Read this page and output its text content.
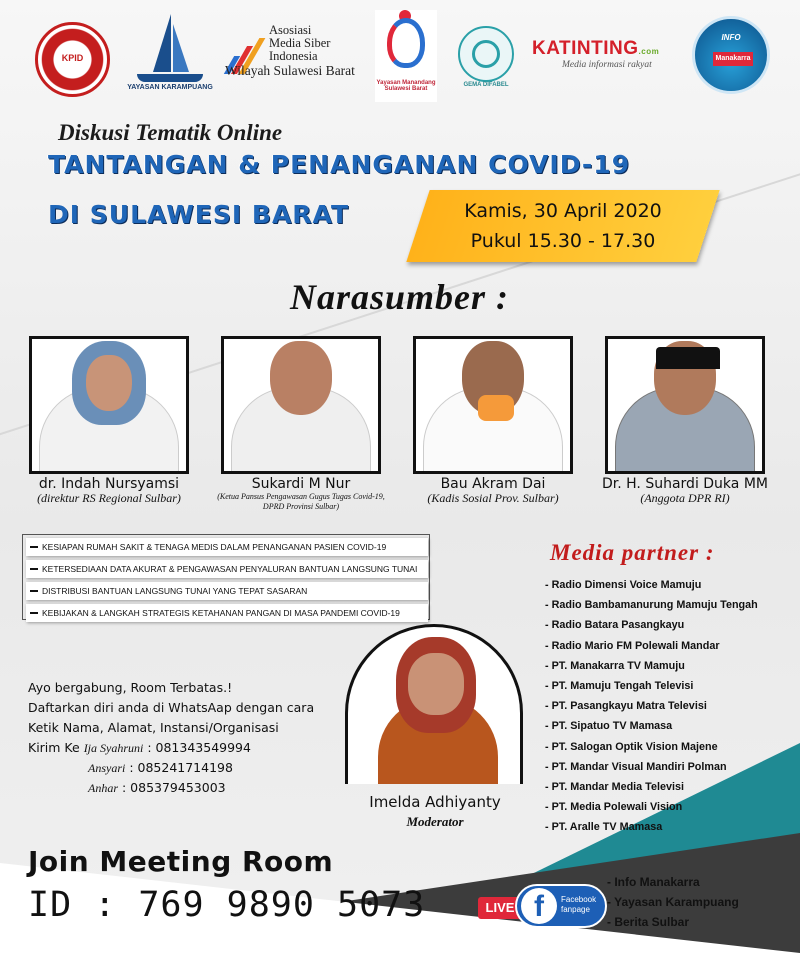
KPID
YAYASAN KARAMPUANG
Asosiasi
Media Siber
Indonesia
Wilayah Sulawesi Barat
Yayasan Manandang Sulawesi Barat
GEMA DIFABEL
KATINTING.com
Media informasi rakyat
INFO
Manakarra
Diskusi Tematik Online
TANTANGAN & PENANGANAN COVID-19
DI SULAWESI BARAT	Kamis, 30 April 2020
Pukul 15.30 - 17.30
Narasumber :
dr. Indah Nursyamsi
(direktur RS Regional Sulbar)
Sukardi M Nur
(Ketua Pansus Pengawasan Gugus Tugas Covid-19, DPRD Provinsi Sulbar)
Bau Akram Dai
(Kadis Sosial Prov. Sulbar)
Dr. H. Suhardi Duka MM
(Anggota DPR RI)
KESIAPAN RUMAH SAKIT & TENAGA MEDIS DALAM PENANGANAN PASIEN COVID-19
KETERSEDIAAN DATA AKURAT & PENGAWASAN PENYALURAN BANTUAN LANGSUNG TUNAI
DISTRIBUSI BANTUAN LANGSUNG TUNAI YANG TEPAT SASARAN
KEBIJAKAN & LANGKAH STRATEGIS KETAHANAN PANGAN DI MASA PANDEMI COVID-19
Media partner :
- Radio Dimensi Voice Mamuju
- Radio Bambamanurung Mamuju Tengah
- Radio Batara Pasangkayu
- Radio Mario FM Polewali Mandar
- PT. Manakarra TV Mamuju
- PT. Mamuju Tengah Televisi
- PT. Pasangkayu Matra Televisi
- PT. Sipatuo TV Mamasa
- PT. Salogan Optik Vision Majene
- PT. Mandar Visual Mandiri Polman
- PT. Mandar Media Televisi
- PT. Media Polewali Vision
- PT. Aralle TV Mamasa
Imelda Adhiyanty
Moderator
Ayo bergabung, Room Terbatas.!
Daftarkan diri anda di WhatsAap dengan cara
Ketik Nama, Alamat, Instansi/Organisasi
Kirim Ke Ija Syahruni : 081343549994
Ansyari : 085241714198
Anhar : 085379453003
Join Meeting Room
ID : 769 9890 5073	LIVE f	Facebook
fanpage
- Info Manakarra
- Yayasan Karampuang
- Berita Sulbar
